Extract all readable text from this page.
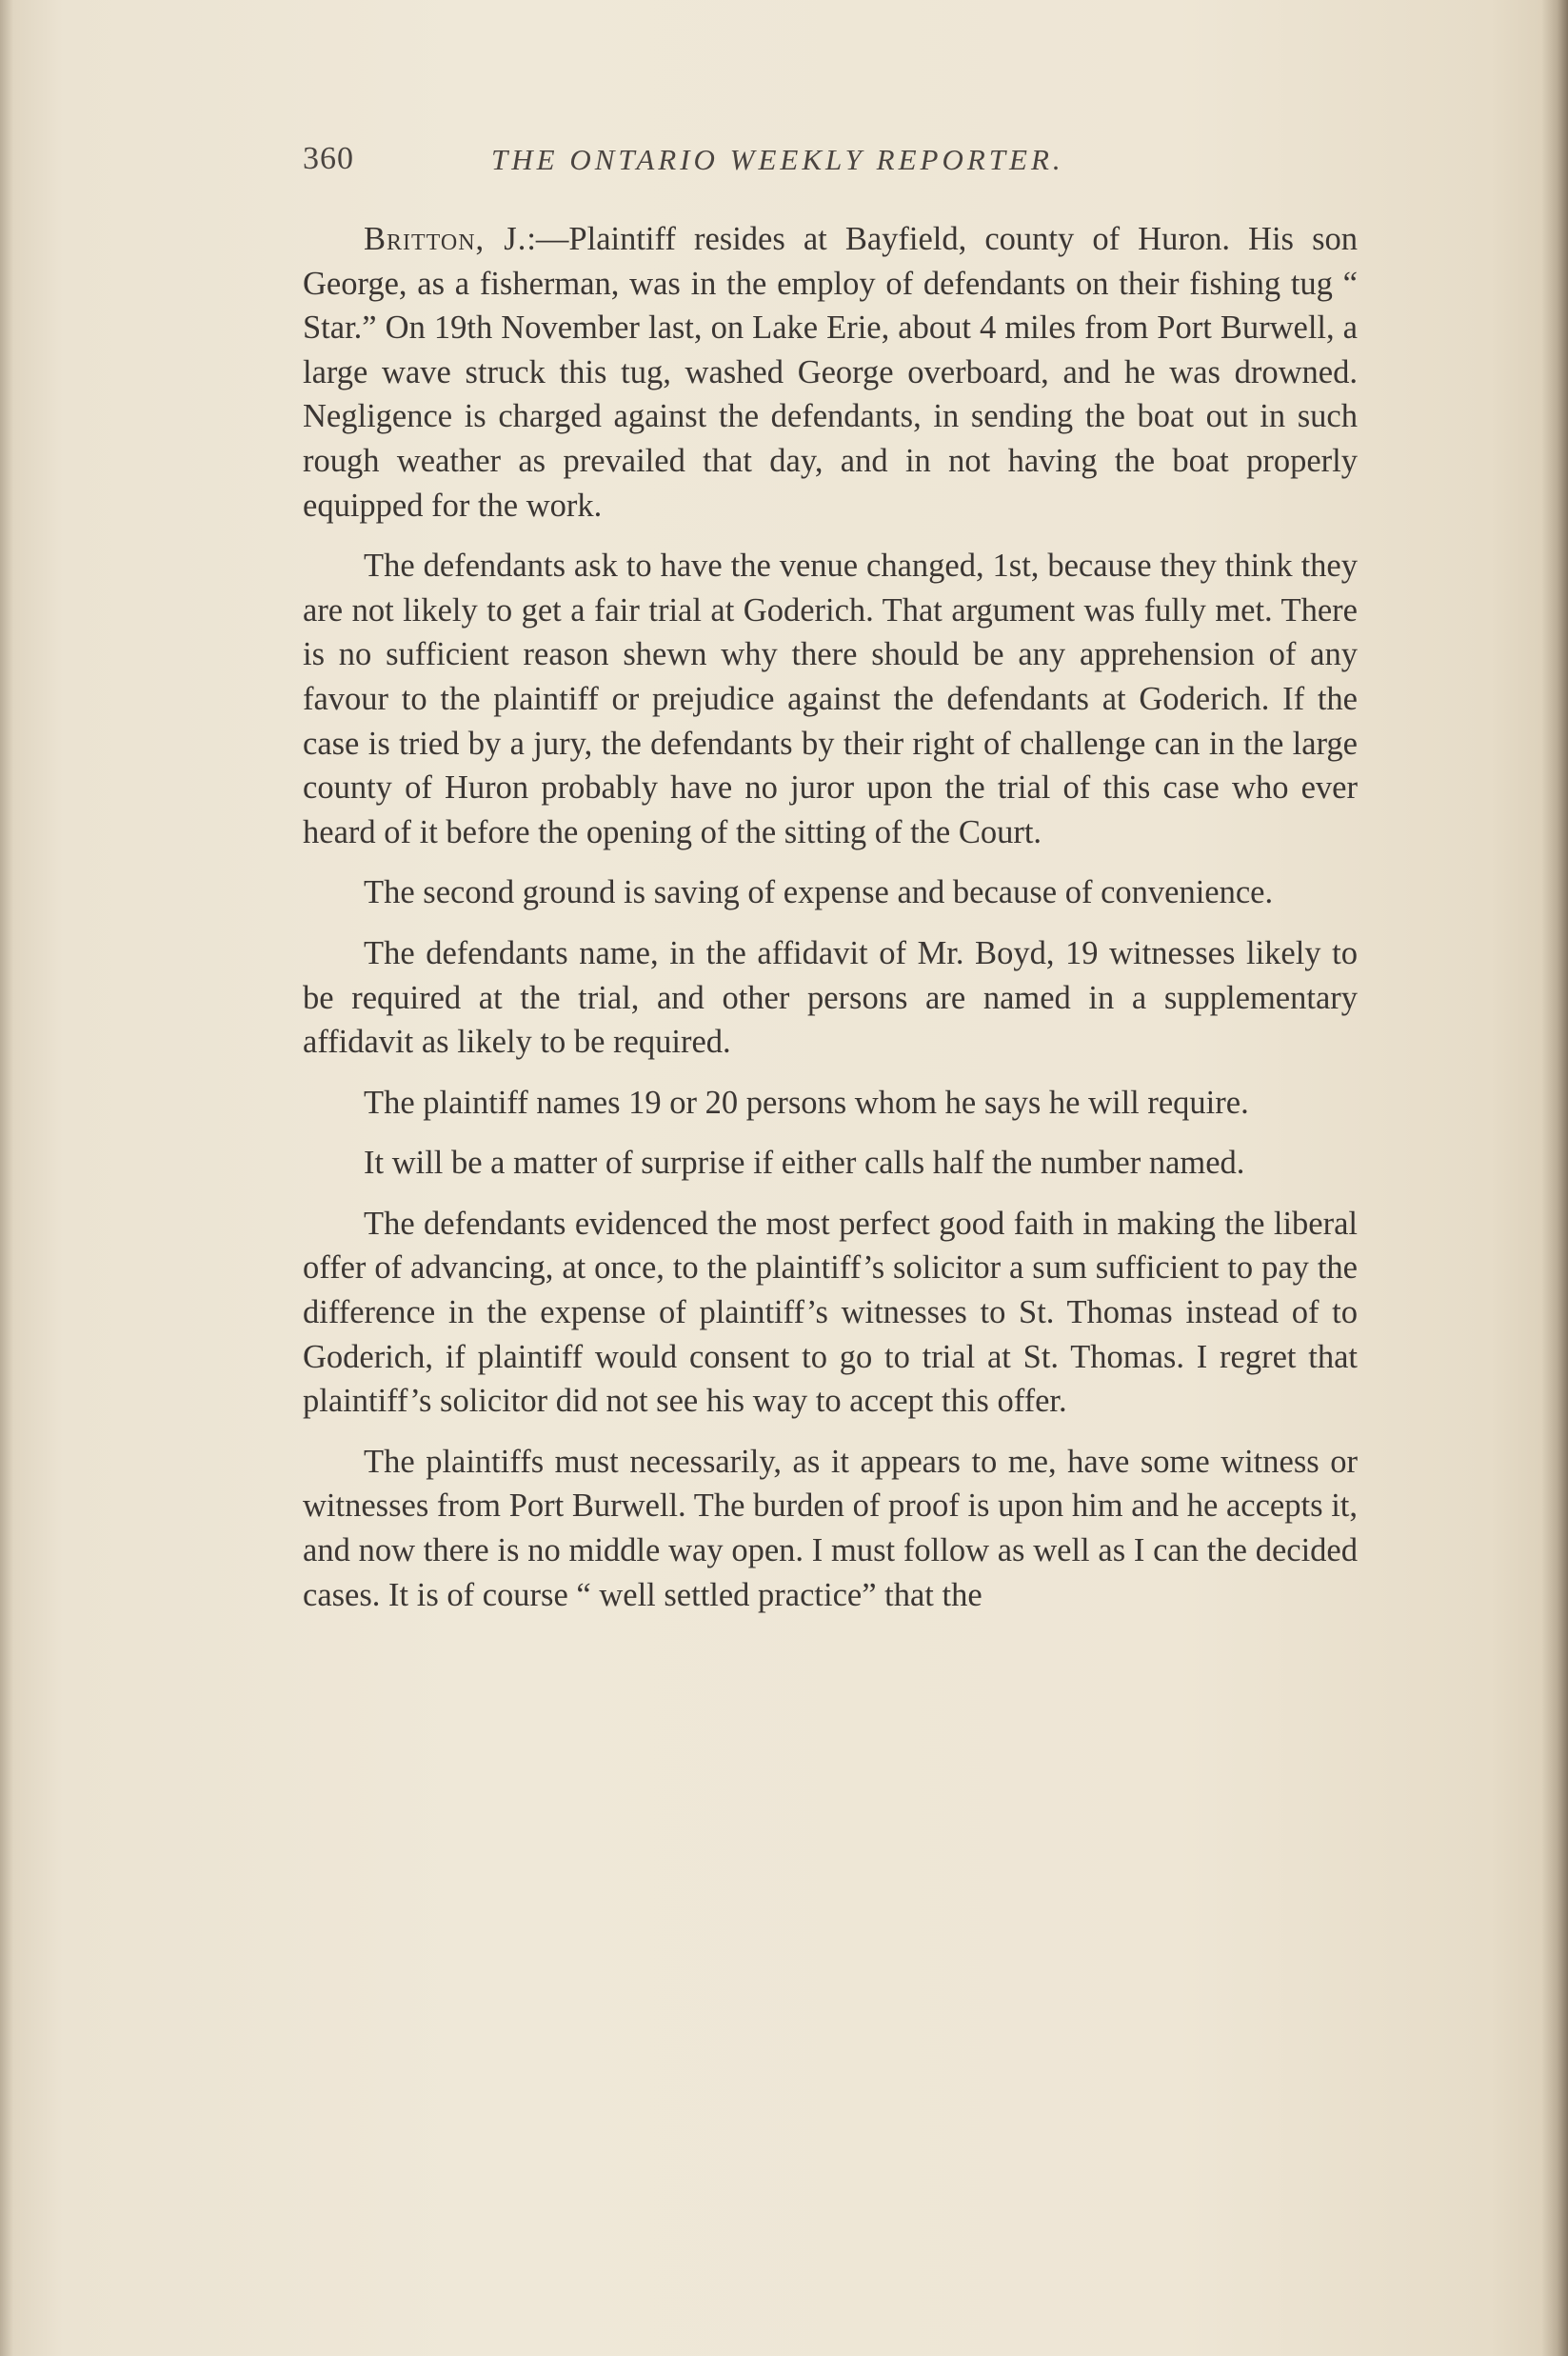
360	THE ONTARIO WEEKLY REPORTER.

Britton, J.:—Plaintiff resides at Bayfield, county of Huron. His son George, as a fisherman, was in the employ of defendants on their fishing tug “ Star.” On 19th November last, on Lake Erie, about 4 miles from Port Burwell, a large wave struck this tug, washed George overboard, and he was drowned. Negligence is charged against the defendants, in sending the boat out in such rough weather as prevailed that day, and in not having the boat properly equipped for the work.

The defendants ask to have the venue changed, 1st, because they think they are not likely to get a fair trial at Goderich. That argument was fully met. There is no sufficient reason shewn why there should be any apprehension of any favour to the plaintiff or prejudice against the defendants at Goderich. If the case is tried by a jury, the defendants by their right of challenge can in the large county of Huron probably have no juror upon the trial of this case who ever heard of it before the opening of the sitting of the Court.

The second ground is saving of expense and because of convenience.

The defendants name, in the affidavit of Mr. Boyd, 19 witnesses likely to be required at the trial, and other persons are named in a supplementary affidavit as likely to be required.

The plaintiff names 19 or 20 persons whom he says he will require.

It will be a matter of surprise if either calls half the number named.

The defendants evidenced the most perfect good faith in making the liberal offer of advancing, at once, to the plaintiff’s solicitor a sum sufficient to pay the difference in the expense of plaintiff’s witnesses to St. Thomas instead of to Goderich, if plaintiff would consent to go to trial at St. Thomas. I regret that plaintiff’s solicitor did not see his way to accept this offer.

The plaintiffs must necessarily, as it appears to me, have some witness or witnesses from Port Burwell. The burden of proof is upon him and he accepts it, and now there is no middle way open. I must follow as well as I can the decided cases. It is of course “ well settled practice” that the
